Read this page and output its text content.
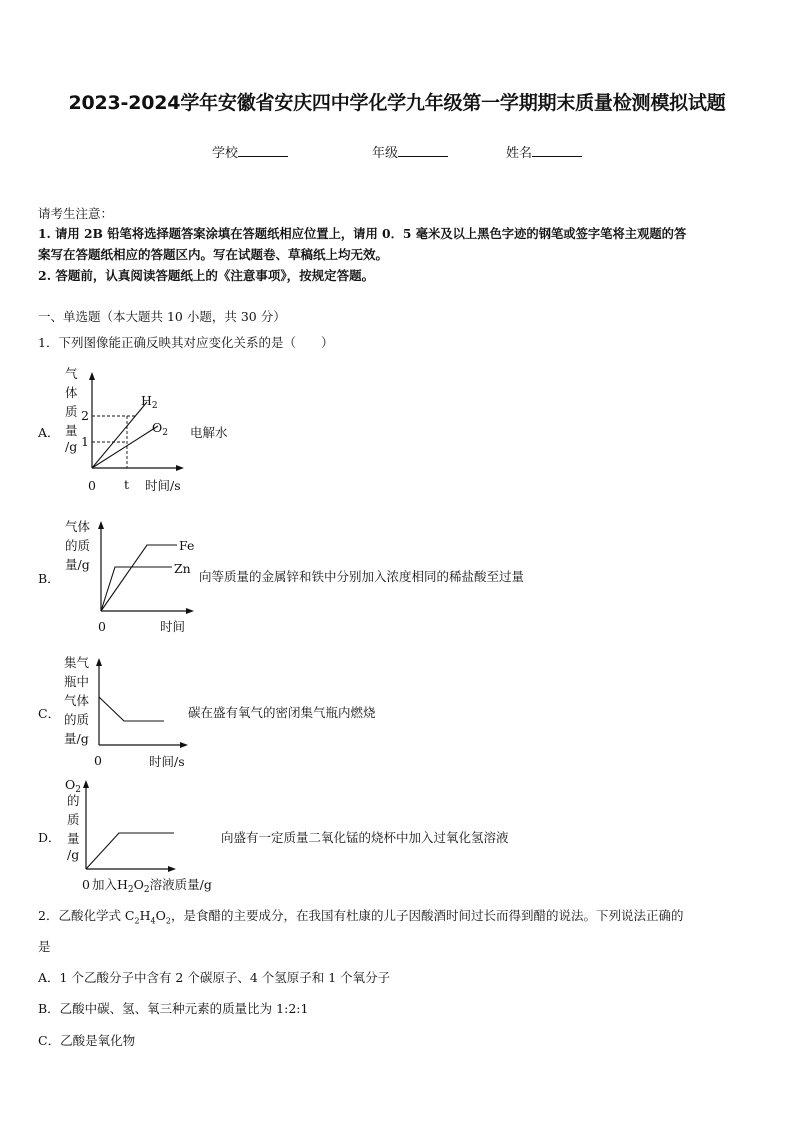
2023-2024学年安徽省安庆四中学化学九年级第一学期期末质量检测模拟试题
学校	年级	姓名
请考生注意：
1. 请用 2B 铅笔将选择题答案涂填在答题纸相应位置上，请用 0．5 毫米及以上黑色字迹的钢笔或签字笔将主观题的答
案写在答题纸相应的答题区内。写在试题卷、草稿纸上均无效。
2. 答题前，认真阅读答题纸上的《注意事项》，按规定答题。
一、单选题（本大题共 10 小题，共 30 分）
1．下列图像能正确反映其对应变化关系的是（　　）
A．
气
体
质
量
/g
2
1
0 t 时间/s
$H_2$
$O_2$ 电解水
B．
气体
的质
量/g
0	时间
Fe
Zn
向等质量的金属锌和铁中分别加入浓度相同的稀盐酸至过量
C．
集气
瓶中
气体
的质
量/g
0	时间/s
碳在盛有氧气的密闭集气瓶内燃烧
D．
$O_2$
的
质
量
/g
0 加入$H_2O_2$溶液质量/g
向盛有一定质量二氧化锰的烧杯中加入过氧化氢溶液
2．乙酸化学式 $C_2H_4O_2$，是食醋的主要成分，在我国有杜康的儿子因酸酒时间过长而得到醋的说法。下列说法正确的
是
A．1 个乙酸分子中含有 2 个碳原子、4 个氢原子和 1 个氧分子
B．乙酸中碳、氢、氧三种元素的质量比为 1:2:1
C．乙酸是氧化物
